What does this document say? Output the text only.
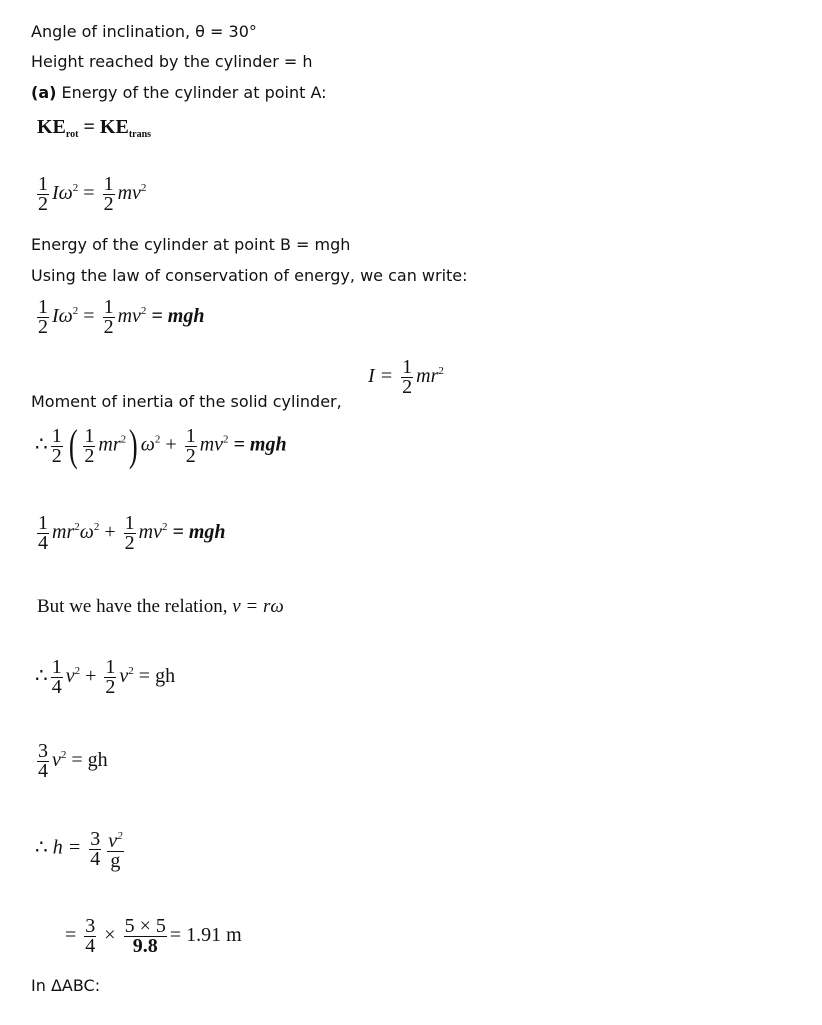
Angle of inclination, θ = 30°
Height reached by the cylinder = h
(a) Energy of the cylinder at point A:
$KE_{rot} = KE_{trans}$
$\frac{1}{2} I\omega^2 = \frac{1}{2} mv^2$
Energy of the cylinder at point B = mgh
Using the law of conservation of energy, we can write:
$\frac{1}{2} I\omega^2 = \frac{1}{2} mv^2$ = mgh
Moment of inertia of the solid cylinder,
$I = \frac{1}{2} mr^2$
∴ $\frac{1}{2}$ ( $\frac{1}{2} mr^2$) $\omega^2 + \frac{1}{2} mv^2$ = mgh
$\frac{1}{4} mr^2\omega^2 + \frac{1}{2} mv^2$ = mgh
But we have the relation, v = rω
∴ $\frac{1}{4} v^2 + \frac{1}{2} v^2$ = gh
$\frac{3}{4} v^2$ = gh
∴ $h = \frac{3}{4} \frac{v^2}{g}$
= $\frac{3}{4} \times \frac{5 \times 5}{9.8} = 1.91$ m
In ΔABC:
